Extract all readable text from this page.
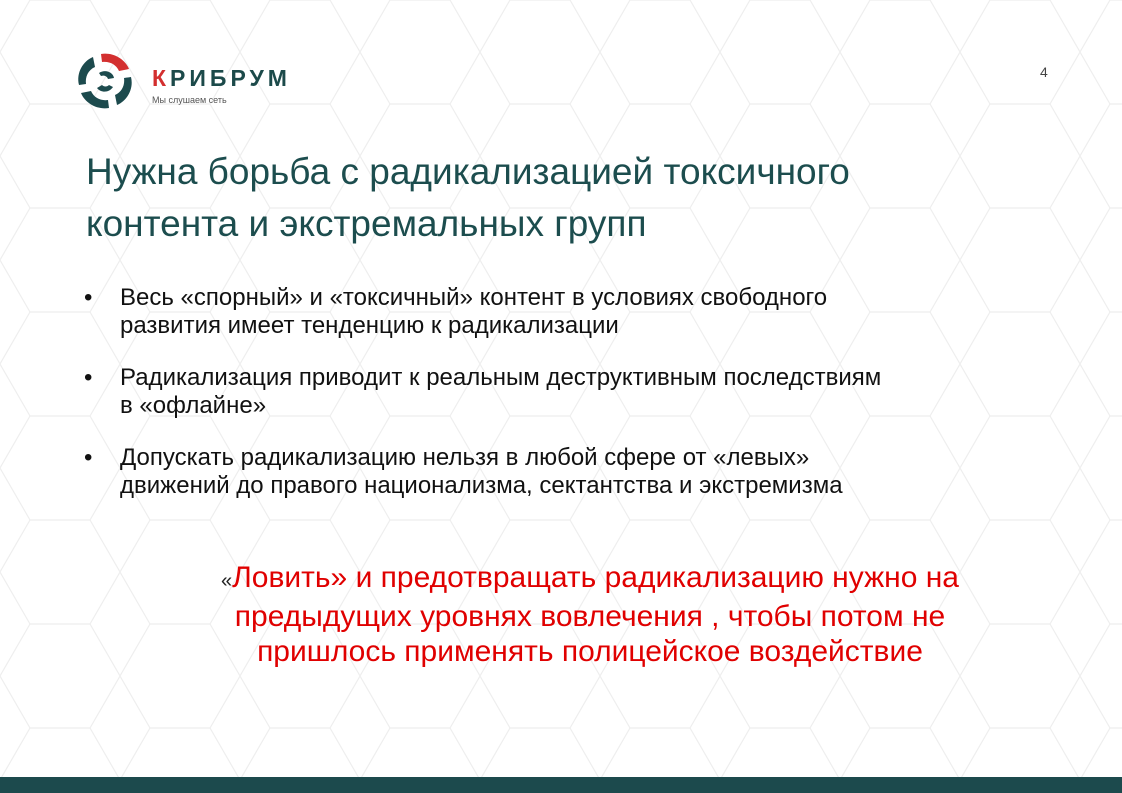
КРИБРУМ
Мы слушаем сеть
4
Нужна борьба с радикализацией токсичного
контента и экстремальных групп
• Весь «спорный» и «токсичный» контент в условиях свободного
развития имеет тенденцию к радикализации
• Радикализация приводит к реальным деструктивным последствиям
в «офлайне»
• Допускать радикализацию нельзя в любой сфере от «левых»
движений до правого национализма, сектантства и экстремизма
«Ловить» и предотвращать радикализацию нужно на
предыдущих уровнях вовлечения , чтобы потом не
пришлось применять полицейское воздействие
